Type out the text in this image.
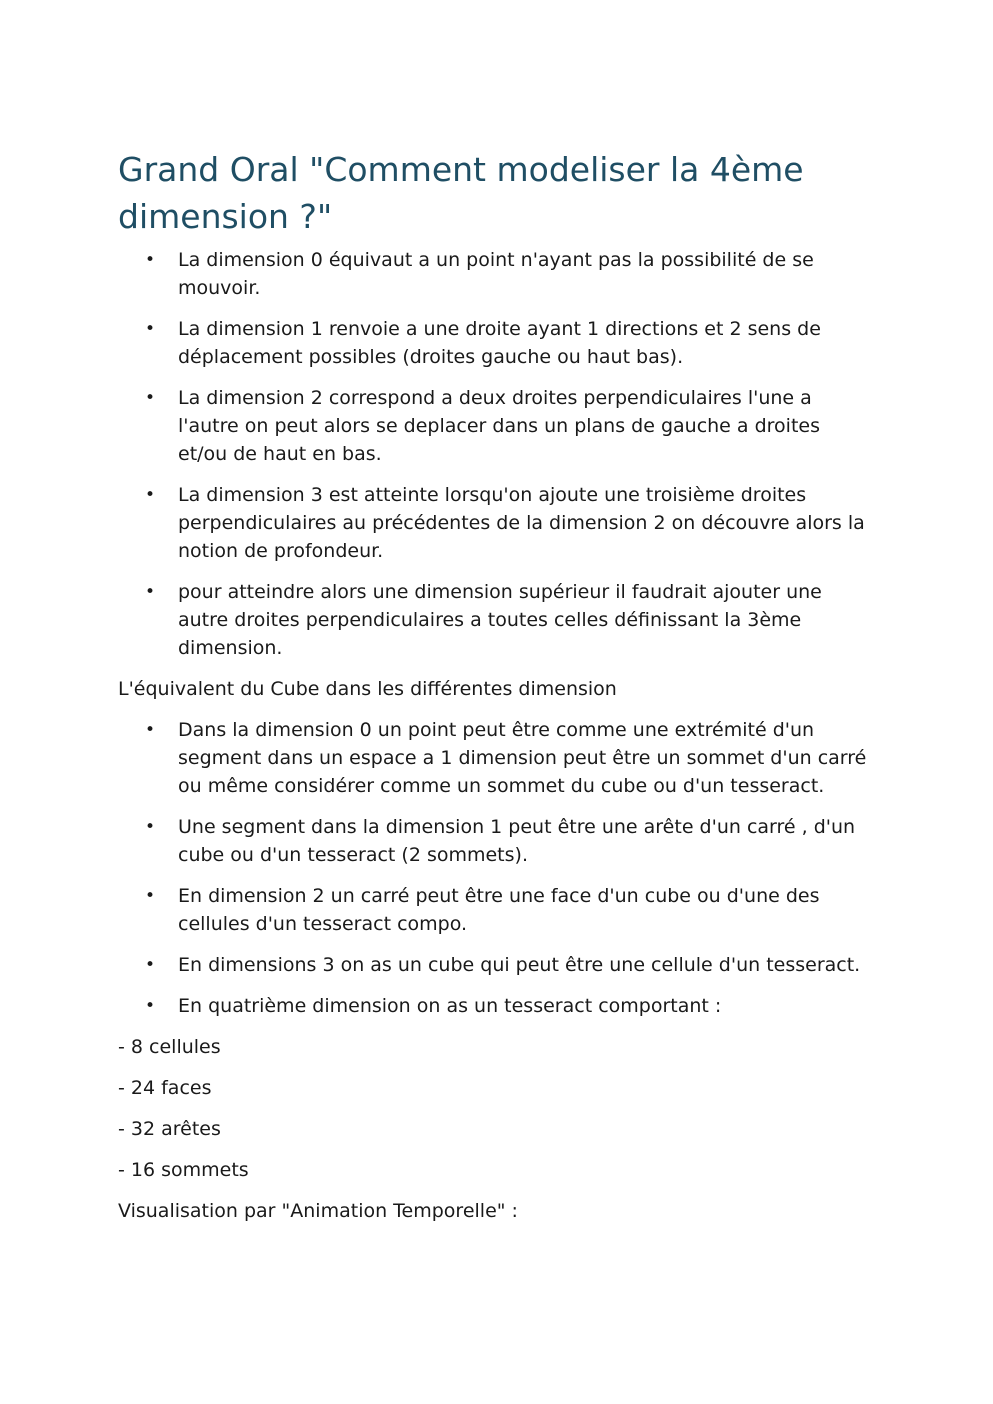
Grand Oral "Comment modeliser la 4ème dimension ?"
• La dimension 0 équivaut a un point n'ayant pas la possibilité de se mouvoir.
• La dimension 1 renvoie a une droite ayant 1 directions et 2 sens de déplacement possibles (droites gauche ou haut bas).
• La dimension 2 correspond a deux droites perpendiculaires l'une a l'autre on peut alors se deplacer dans un plans de gauche a droites et/ou de haut en bas.
• La dimension 3 est atteinte lorsqu'on ajoute une troisième droites perpendiculaires au précédentes de la dimension 2 on découvre alors la notion de profondeur.
• pour atteindre alors une dimension supérieur il faudrait ajouter une autre droites perpendiculaires a toutes celles définissant la 3ème dimension.

L'équivalent du Cube dans les différentes dimension

• Dans la dimension 0 un point peut être comme une extrémité d'un segment dans un espace a 1 dimension peut être un sommet d'un carré ou même considérer comme un sommet du cube ou d'un tesseract.
• Une segment dans la dimension 1 peut être une arête d'un carré , d'un cube ou d'un tesseract (2 sommets).
• En dimension 2 un carré peut être une face d'un cube ou d'une des cellules d'un tesseract compo.
• En dimensions 3 on as un cube qui peut être une cellule d'un tesseract.
• En quatrième dimension on as un tesseract comportant :

- 8 cellules

- 24 faces

- 32 arêtes

- 16 sommets

Visualisation par "Animation Temporelle" :
